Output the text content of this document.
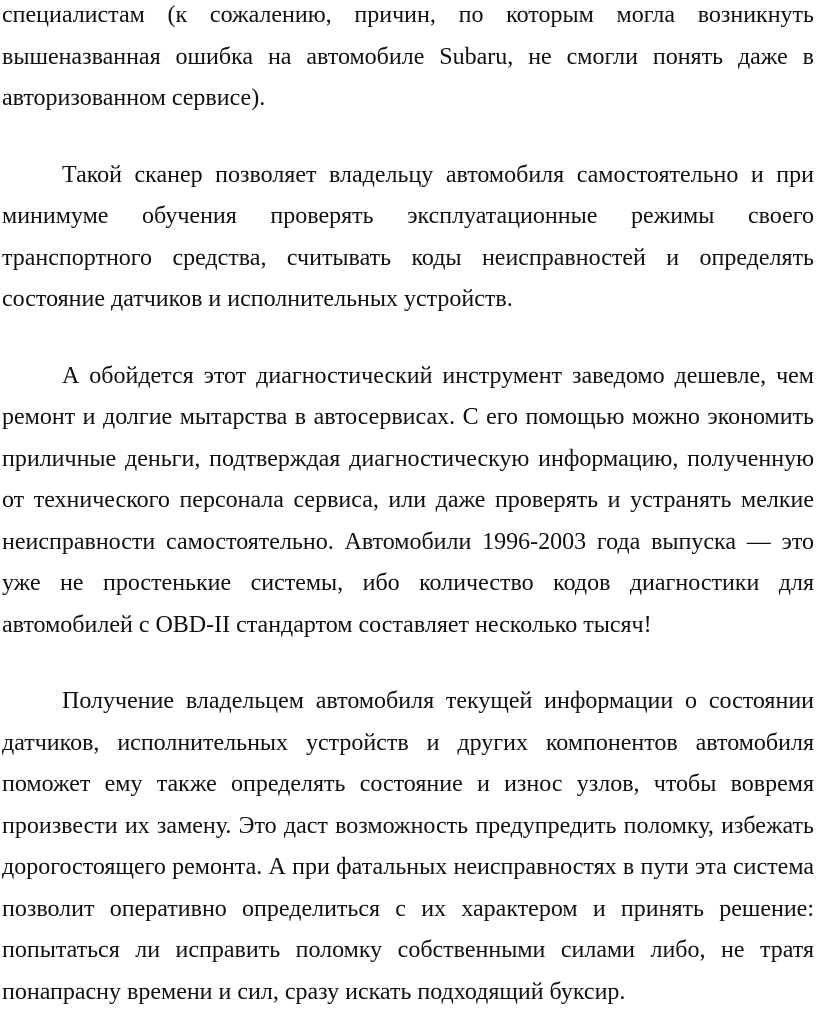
специалистам (к сожалению, причин, по которым могла возникнуть вышеназванная ошибка на автомобиле Subaru, не смогли понять даже в авторизованном сервисе).

Такой сканер позволяет владельцу автомобиля самостоятельно и при минимуме обучения проверять эксплуатационные режимы своего транспортного средства, считывать коды неисправностей и определять состояние датчиков и исполнительных устройств.

А обойдется этот диагностический инструмент заведомо дешевле, чем ремонт и долгие мытарства в автосервисах. С его помощью можно экономить приличные деньги, подтверждая диагностическую информацию, полученную от технического персонала сервиса, или даже проверять и устранять мелкие неисправности самостоятельно. Автомобили 1996-2003 года выпуска — это уже не простенькие системы, ибо количество кодов диагностики для автомобилей с OBD-II стандартом составляет несколько тысяч!

Получение владельцем автомобиля текущей информации о состоянии датчиков, исполнительных устройств и других компонентов автомобиля поможет ему также определять состояние и износ узлов, чтобы вовремя произвести их замену. Это даст возможность предупредить поломку, избежать дорогостоящего ремонта. А при фатальных неисправностях в пути эта система позволит оперативно определиться с их характером и принять решение: попытаться ли исправить поломку собственными силами либо, не тратя понапрасну времени и сил, сразу искать подходящий буксир.
